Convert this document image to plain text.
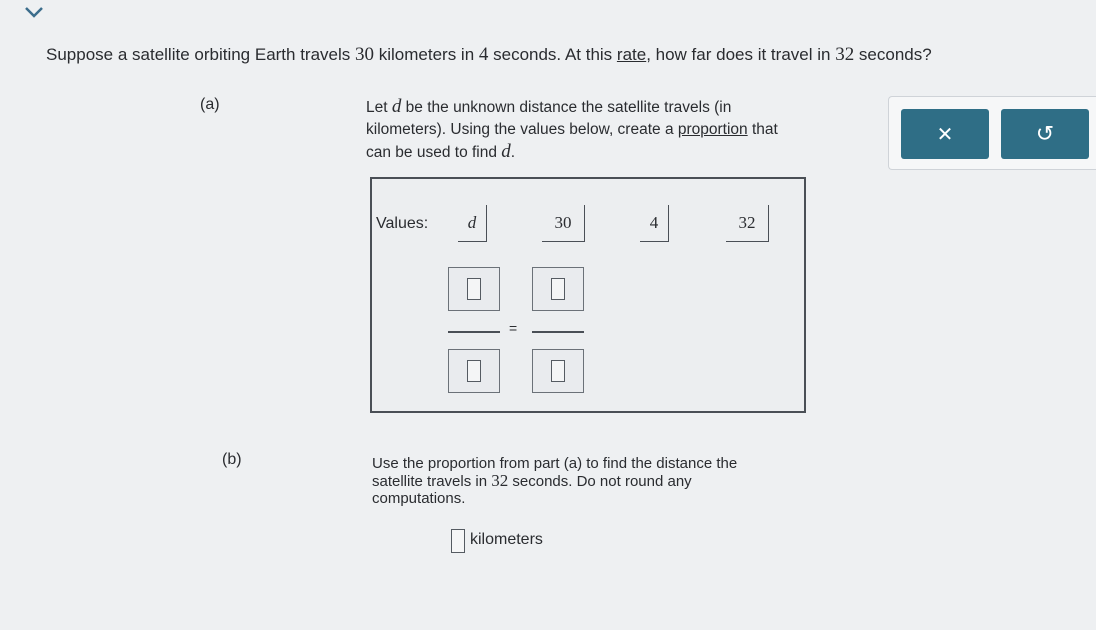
Suppose a satellite orbiting Earth travels 30 kilometers in 4 seconds. At this rate, how far does it travel in 32 seconds?
(a)	Let d be the unknown distance the satellite travels (in
kilometers). Using the values below, create a proportion that
can be used to find d.
✕	↺
Values: d	30	4	32
=
(b)	Use the proportion from part (a) to find the distance the
satellite travels in 32 seconds. Do not round any
computations.
kilometers
